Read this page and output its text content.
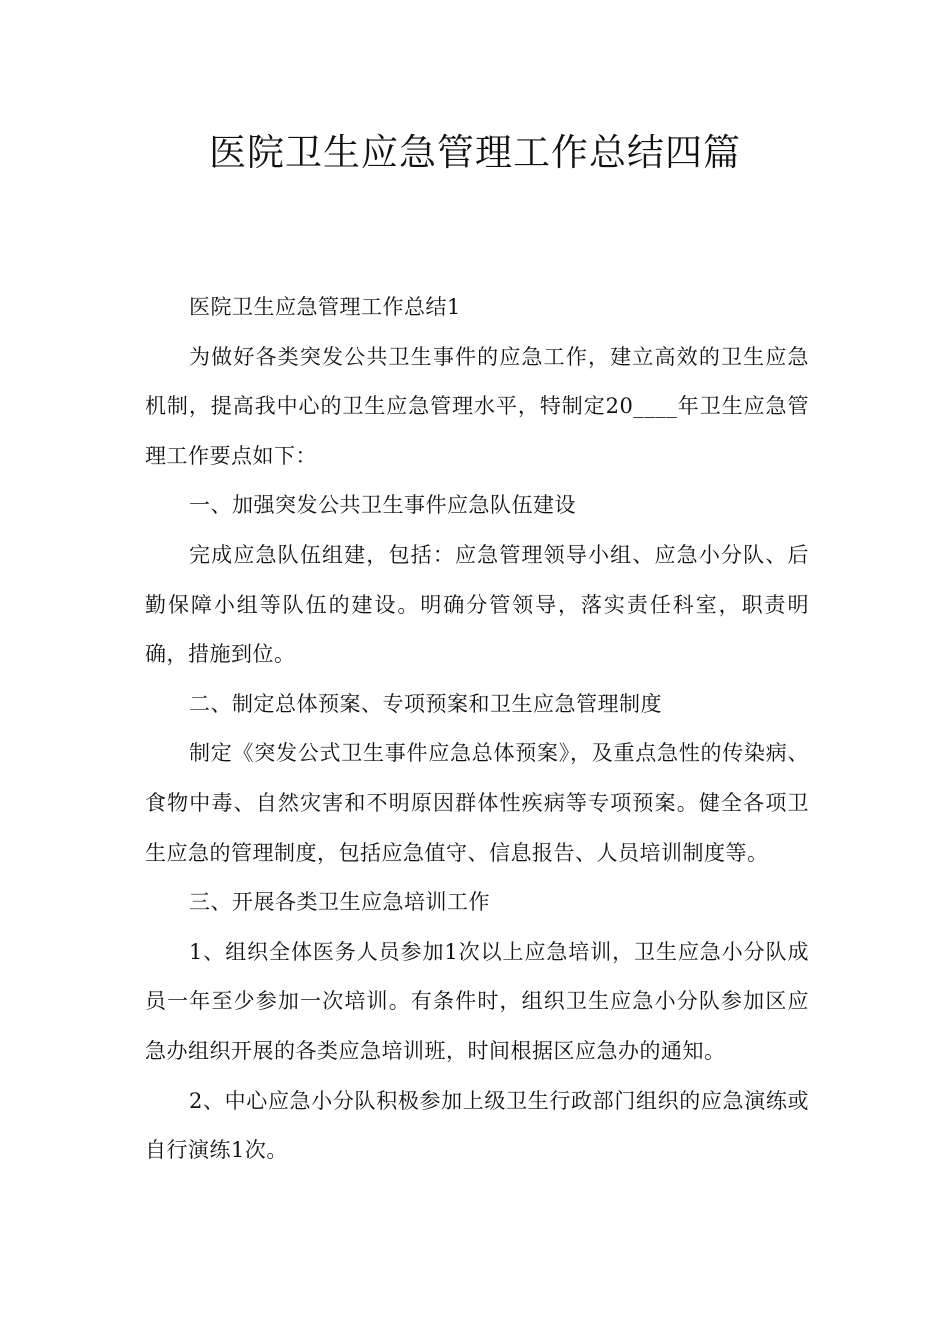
医院卫生应急管理工作总结四篇

医院卫生应急管理工作总结1

为做好各类突发公共卫生事件的应急工作，建立高效的卫生应急机制，提高我中心的卫生应急管理水平，特制定20____年卫生应急管理工作要点如下：

一、加强突发公共卫生事件应急队伍建设

完成应急队伍组建，包括：应急管理领导小组、应急小分队、后勤保障小组等队伍的建设。明确分管领导，落实责任科室，职责明确，措施到位。

二、制定总体预案、专项预案和卫生应急管理制度

制定《突发公式卫生事件应急总体预案》，及重点急性的传染病、食物中毒、自然灾害和不明原因群体性疾病等专项预案。健全各项卫生应急的管理制度，包括应急值守、信息报告、人员培训制度等。

三、开展各类卫生应急培训工作

1、组织全体医务人员参加1次以上应急培训，卫生应急小分队成员一年至少参加一次培训。有条件时，组织卫生应急小分队参加区应急办组织开展的各类应急培训班，时间根据区应急办的通知。

2、中心应急小分队积极参加上级卫生行政部门组织的应急演练或自行演练1次。
